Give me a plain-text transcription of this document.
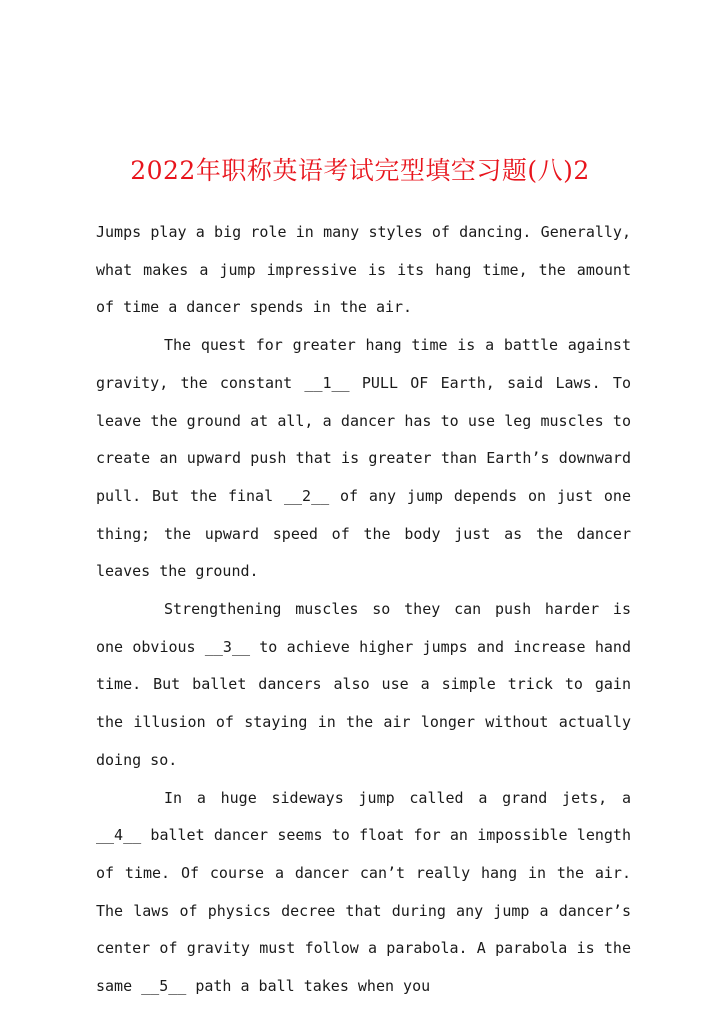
2022年职称英语考试完型填空习题(八)2

Jumps play a big role in many styles of dancing. Generally, what makes a jump impressive is its hang time, the amount of time a dancer spends in the air.

The quest for greater hang time is a battle against gravity, the constant __1__ PULL OF Earth, said Laws. To leave the ground at all, a dancer has to use leg muscles to create an upward push that is greater than Earth’s downward pull. But the final __2__ of any jump depends on just one thing; the upward speed of the body just as the dancer leaves the ground.

Strengthening muscles so they can push harder is one obvious __3__ to achieve higher jumps and increase hand time. But ballet dancers also use a simple trick to gain the illusion of staying in the air longer without actually doing so.

In a huge sideways jump called a grand jets, a __4__ ballet dancer seems to float for an impossible length of time. Of course a dancer can’t really hang in the air. The laws of physics decree that during any jump a dancer’s center of gravity must follow a parabola. A parabola is the same __5__ path a ball takes when you
